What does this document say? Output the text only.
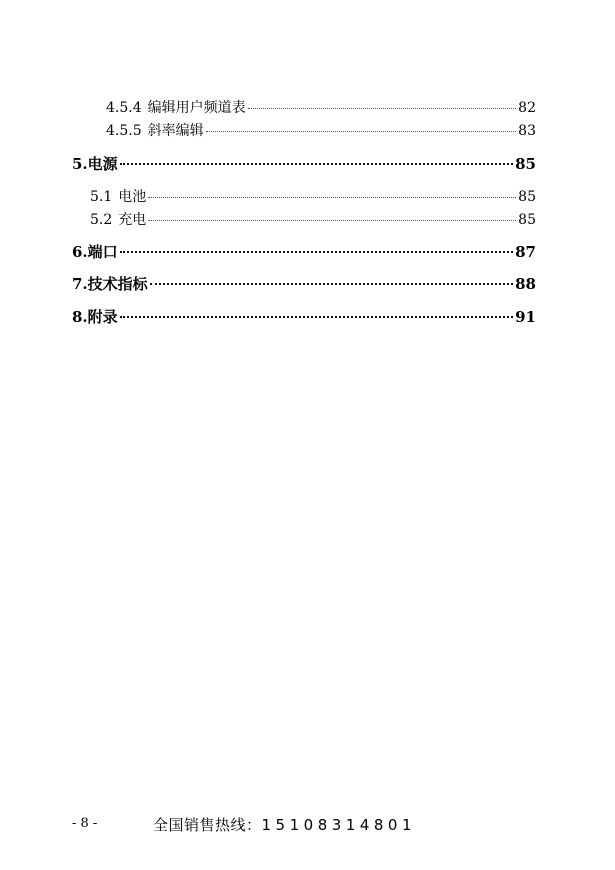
4.5.4 编辑用户频道表	82
4.5.5 斜率编辑	83
5. 电源	85
5.1 电池	85
5.2 充电	85
6. 端口	87
7. 技术指标	88
8. 附录	91
- 8 -	全国销售热线：15108314801
